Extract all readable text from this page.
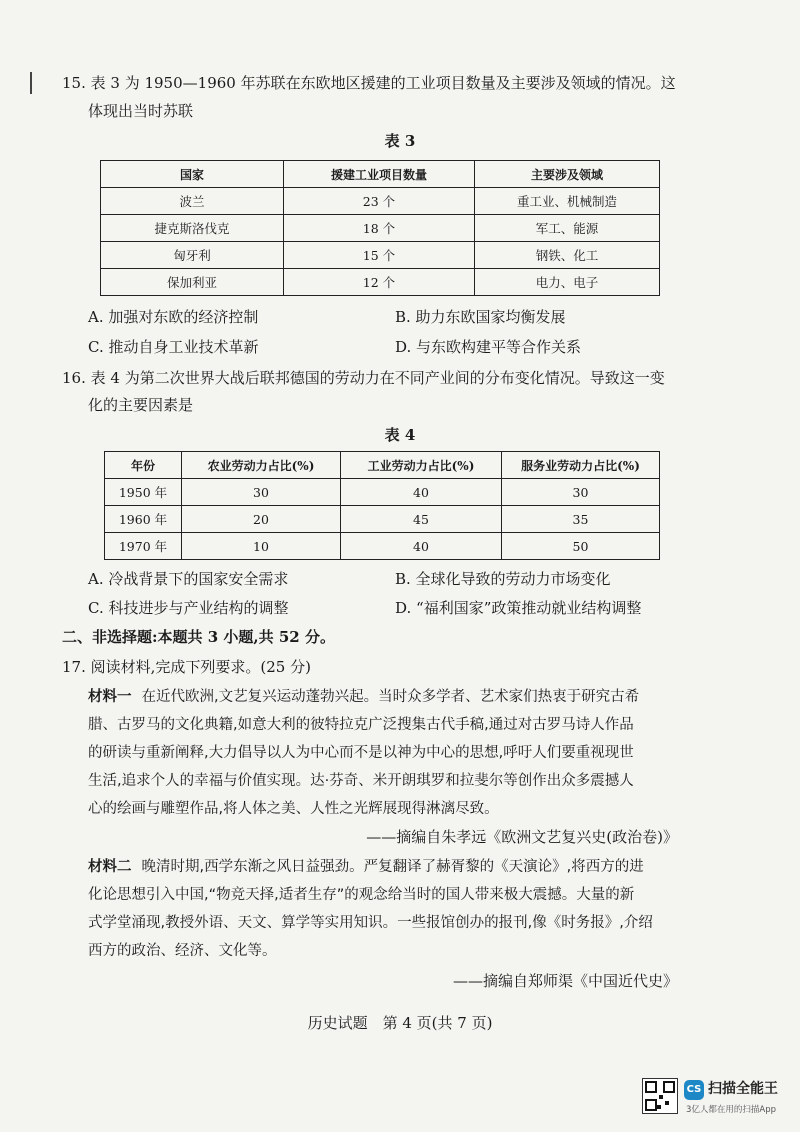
15. 表 3 为 1950—1960 年苏联在东欧地区援建的工业项目数量及主要涉及领域的情况。这
体现出当时苏联
表 3
国家	援建工业项目数量	主要涉及领域
波兰	23 个	重工业、机械制造
捷克斯洛伐克	18 个	军工、能源
匈牙利	15 个	钢铁、化工
保加利亚	12 个	电力、电子
A. 加强对东欧的经济控制	B. 助力东欧国家均衡发展
C. 推动自身工业技术革新	D. 与东欧构建平等合作关系
16. 表 4 为第二次世界大战后联邦德国的劳动力在不同产业间的分布变化情况。导致这一变
化的主要因素是
表 4
年份	农业劳动力占比(%)	工业劳动力占比(%)	服务业劳动力占比(%)
1950 年	30	40	30
1960 年	20	45	35
1970 年	10	40	50
A. 冷战背景下的国家安全需求	B. 全球化导致的劳动力市场变化
C. 科技进步与产业结构的调整	D. “福利国家”政策推动就业结构调整
二、非选择题:本题共 3 小题,共 52 分。
17. 阅读材料,完成下列要求。(25 分)
材料一 在近代欧洲,文艺复兴运动蓬勃兴起。当时众多学者、艺术家们热衷于研究古希
腊、古罗马的文化典籍,如意大利的彼特拉克广泛搜集古代手稿,通过对古罗马诗人作品
的研读与重新阐释,大力倡导以人为中心而不是以神为中心的思想,呼吁人们要重视现世
生活,追求个人的幸福与价值实现。达·芬奇、米开朗琪罗和拉斐尔等创作出众多震撼人
心的绘画与雕塑作品,将人体之美、人性之光辉展现得淋漓尽致。
——摘编自朱孝远《欧洲文艺复兴史(政治卷)》
材料二 晚清时期,西学东渐之风日益强劲。严复翻译了赫胥黎的《天演论》,将西方的进
化论思想引入中国,“物竞天择,适者生存”的观念给当时的国人带来极大震撼。大量的新
式学堂涌现,教授外语、天文、算学等实用知识。一些报馆创办的报刊,像《时务报》,介绍
西方的政治、经济、文化等。
——摘编自郑师渠《中国近代史》
历史试题　第 4 页(共 7 页)
CS 扫描全能王
3亿人都在用的扫描App
